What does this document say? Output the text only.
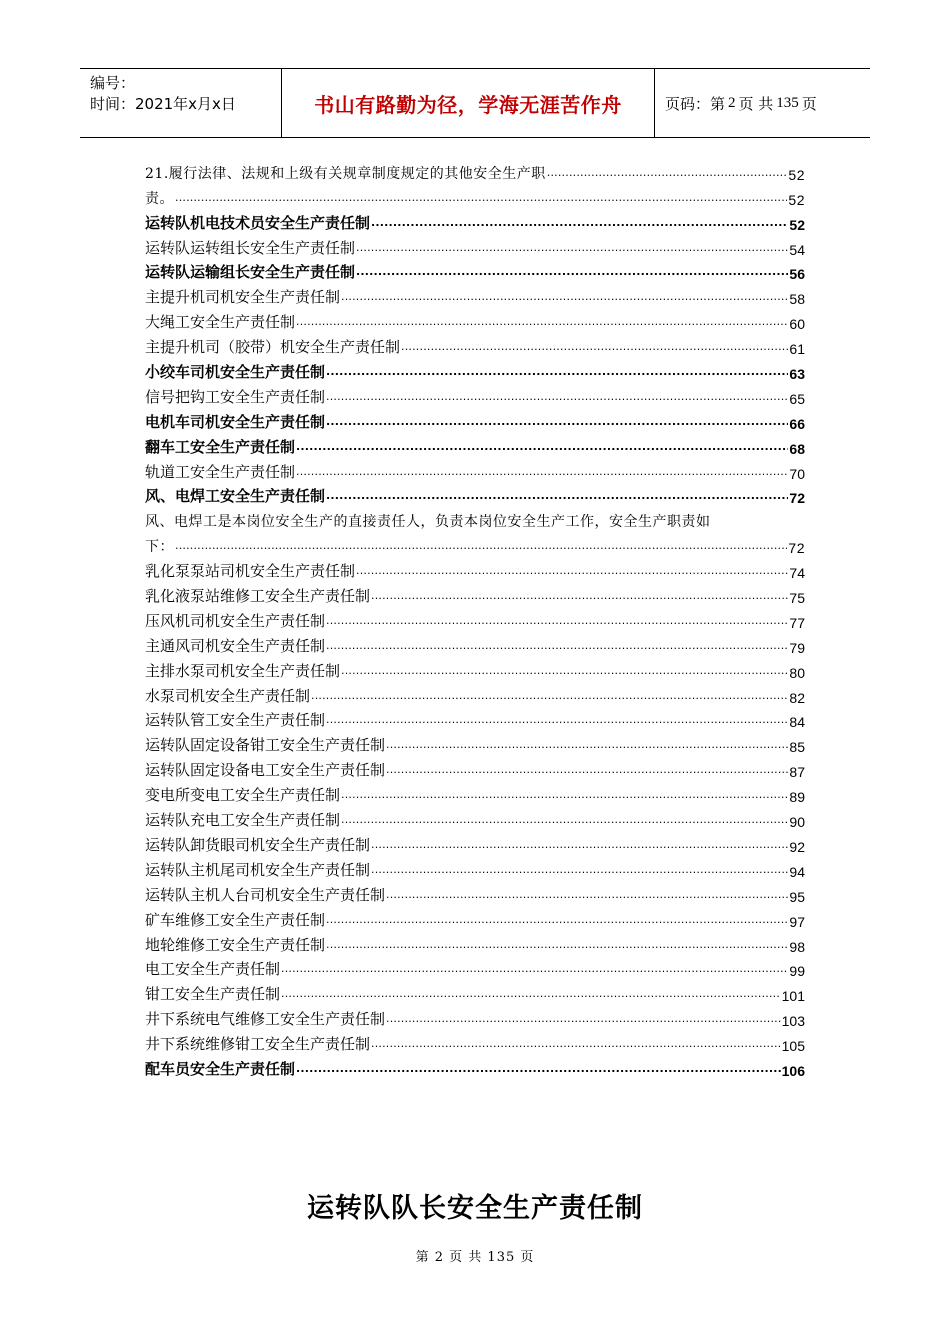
编号：
时间：2021年x月x日	书山有路勤为径，学海无涯苦作舟	页码：第 2 页 共 135 页
21.履行法律、法规和上级有关规章制度规定的其他安全生产职 .....	52
责。 .....	52
运转队机电技术员安全生产责任制 .....	52
运转队运转组长安全生产责任制 .....	54
运转队运输组长安全生产责任制 .....	56
主提升机司机安全生产责任制 .....	58
大绳工安全生产责任制 .....	60
主提升机司（胶带）机安全生产责任制 .....	61
小绞车司机安全生产责任制 .....	63
信号把钩工安全生产责任制 .....	65
电机车司机安全生产责任制 .....	66
翻车工安全生产责任制 .....	68
轨道工安全生产责任制 .....	70
风、电焊工安全生产责任制 .....	72
风、电焊工是本岗位安全生产的直接责任人，负责本岗位安全生产工作，安全生产职责如
下： .....	72
乳化泵泵站司机安全生产责任制 .....	74
乳化液泵站维修工安全生产责任制 .....	75
压风机司机安全生产责任制 .....	77
主通风司机安全生产责任制 .....	79
主排水泵司机安全生产责任制 .....	80
水泵司机安全生产责任制 .....	82
运转队管工安全生产责任制 .....	84
运转队固定设备钳工安全生产责任制 .....	85
运转队固定设备电工安全生产责任制 .....	87
变电所变电工安全生产责任制 .....	89
运转队充电工安全生产责任制 .....	90
运转队卸货眼司机安全生产责任制 .....	92
运转队主机尾司机安全生产责任制 .....	94
运转队主机人台司机安全生产责任制 .....	95
矿车维修工安全生产责任制 .....	97
地轮维修工安全生产责任制 .....	98
电工安全生产责任制 .....	99
钳工安全生产责任制 .....	101
井下系统电气维修工安全生产责任制 .....	103
井下系统维修钳工安全生产责任制 .....	105
配车员安全生产责任制 .....	106
运转队队长安全生产责任制
第 2 页 共 135 页
